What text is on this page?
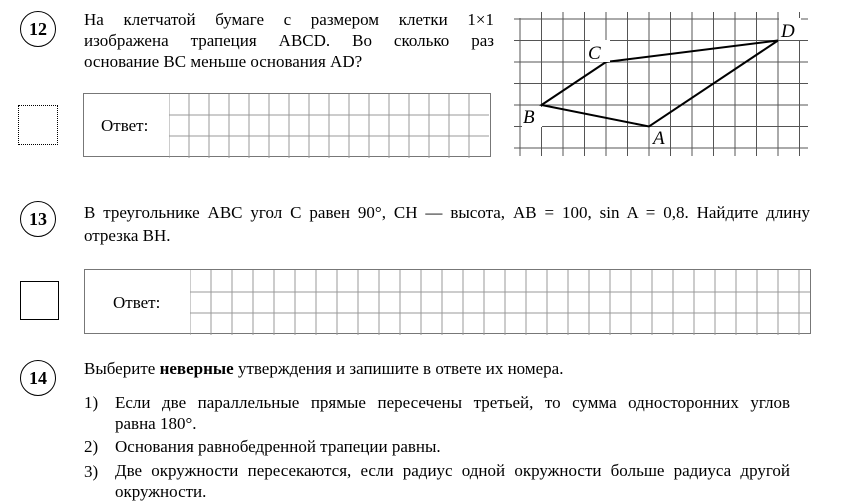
12	На клетчатой бумаге с размером клетки 1×1
изображена трапеция ABCD. Во сколько раз
основание BC меньше основания AD?
Ответ:
C
D
B
A
13	В треугольнике ABC угол C равен 90°, CH — высота, AB = 100, sin A = 0,8. Найдите длину
отрезка BH.
Ответ:
14	Выберите неверные утверждения и запишите в ответе их номера.
1) Если две параллельные прямые пересечены третьей, то сумма односторонних углов
равна 180°.
2) Основания равнобедренной трапеции равны.
3) Две окружности пересекаются, если радиус одной окружности больше радиуса другой
окружности.
